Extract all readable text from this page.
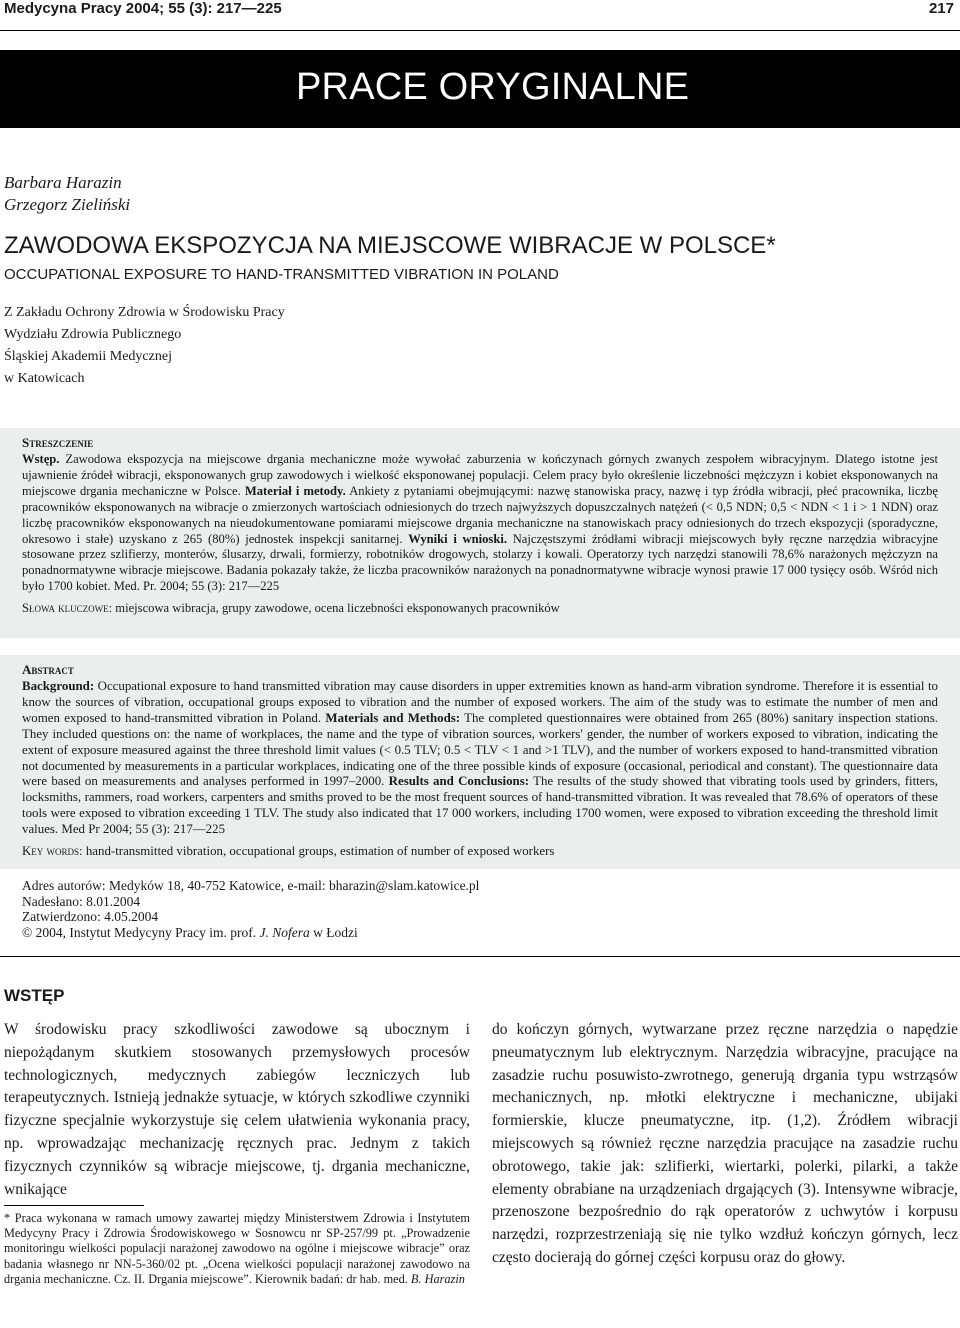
Medycyna Pracy 2004; 55 (3): 217—225	217
PRACE ORYGINALNE
Barbara Harazin
Grzegorz Zieliński
ZAWODOWA EKSPOZYCJA NA MIEJSCOWE WIBRACJE W POLSCE*
OCCUPATIONAL EXPOSURE TO HAND-TRANSMITTED VIBRATION IN POLAND
Z Zakładu Ochrony Zdrowia w Środowisku Pracy
Wydziału Zdrowia Publicznego
Śląskiej Akademii Medycznej
w Katowicach
Streszczenie

Wstęp. Zawodowa ekspozycja na miejscowe drgania mechaniczne może wywołać zaburzenia w kończynach górnych zwanych zespołem wibracyjnym. Dlatego istotne jest ujawnienie źródeł wibracji, eksponowanych grup zawodowych i wielkość eksponowanej populacji. Celem pracy było określenie liczebności mężczyzn i kobiet eksponowanych na miejscowe drgania mechaniczne w Polsce. Materiał i metody. Ankiety z pytaniami obejmującymi: nazwę stanowiska pracy, nazwę i typ źródła wibracji, płeć pracownika, liczbę pracowników eksponowanych na wibracje o zmierzonych wartościach odniesionych do trzech najwyższych dopuszczalnych natężeń (< 0,5 NDN; 0,5 < NDN < 1 i > 1 NDN) oraz liczbę pracowników eksponowanych na nieudokumentowane pomiarami miejscowe drgania mechaniczne na stanowiskach pracy odniesionych do trzech ekspozycji (sporadyczne, okresowo i stałe) uzyskano z 265 (80%) jednostek inspekcji sanitarnej. Wyniki i wnioski. Najczęstszymi źródłami wibracji miejscowych były ręczne narzędzia wibracyjne stosowane przez szlifierzy, monterów, ślusarzy, drwali, formierzy, robotników drogowych, stolarzy i kowali. Operatorzy tych narzędzi stanowili 78,6% narażonych mężczyzn na ponadnormatywne wibracje miejscowe. Badania pokazały także, że liczba pracowników narażonych na ponadnormatywne wibracje wynosi prawie 17 000 tysięcy osób. Wśród nich było 1700 kobiet. Med. Pr. 2004; 55 (3): 217—225

Słowa kluczowe: miejscowa wibracja, grupy zawodowe, ocena liczebności eksponowanych pracowników

Abstract

Background: Occupational exposure to hand transmitted vibration may cause disorders in upper extremities known as hand-arm vibration syndrome. Therefore it is essential to know the sources of vibration, occupational groups exposed to vibration and the number of exposed workers. The aim of the study was to estimate the number of men and women exposed to hand-transmitted vibration in Poland. Materials and Methods: The completed questionnaires were obtained from 265 (80%) sanitary inspection stations. They included questions on: the name of workplaces, the name and the type of vibration sources, workers' gender, the number of workers exposed to vibration, indicating the extent of exposure measured against the three threshold limit values (< 0.5 TLV; 0.5 < TLV < 1 and >1 TLV), and the number of workers exposed to hand-transmitted vibration not documented by measurements in a particular workplaces, indicating one of the three possible kinds of exposure (occasional, periodical and constant). The questionnaire data were based on measurements and analyses performed in 1997–2000. Results and Conclusions: The results of the study showed that vibrating tools used by grinders, fitters, locksmiths, rammers, road workers, carpenters and smiths proved to be the most frequent sources of hand-transmitted vibration. It was revealed that 78.6% of operators of these tools were exposed to vibration exceeding 1 TLV. The study also indicated that 17 000 workers, including 1700 women, were exposed to vibration exceeding the threshold limit values. Med Pr 2004; 55 (3): 217—225

Key words: hand-transmitted vibration, occupational groups, estimation of number of exposed workers

Adres autorów: Medyków 18, 40-752 Katowice, e-mail: bharazin@slam.katowice.pl
Nadesłano: 8.01.2004
Zatwierdzono: 4.05.2004
© 2004, Instytut Medycyny Pracy im. prof. J. Nofera w Łodzi
WSTĘP
W środowisku pracy szkodliwości zawodowe są ubocznym i niepożądanym skutkiem stosowanych przemysłowych procesów technologicznych, medycznych zabiegów leczniczych lub terapeutycznych. Istnieją jednakże sytuacje, w których szkodliwe czynniki fizyczne specjalnie wykorzystuje się celem ułatwienia wykonania pracy, np. wprowadzając mechanizację ręcznych prac. Jednym z takich fizycznych czynników są wibracje miejscowe, tj. drgania mechaniczne, wnikające
do kończyn górnych, wytwarzane przez ręczne narzędzia o napędzie pneumatycznym lub elektrycznym. Narzędzia wibracyjne, pracujące na zasadzie ruchu posuwisto-zwrotnego, generują drgania typu wstrząsów mechanicznych, np. młotki elektryczne i mechaniczne, ubijaki formierskie, klucze pneumatyczne, itp. (1,2). Źródłem wibracji miejscowych są również ręczne narzędzia pracujące na zasadzie ruchu obrotowego, takie jak: szlifierki, wiertarki, polerki, pilarki, a także elementy obrabiane na urządzeniach drgających (3). Intensywne wibracje, przenoszone bezpośrednio do rąk operatorów z uchwytów i korpusu narzędzi, rozprzestrzeniają się nie tylko wzdłuż kończyn górnych, lecz często docierają do górnej części korpusu oraz do głowy.
* Praca wykonana w ramach umowy zawartej między Ministerstwem Zdrowia i Instytutem Medycyny Pracy i Zdrowia Środowiskowego w Sosnowcu nr SP-257/99 pt. „Prowadzenie monitoringu wielkości populacji narażonej zawodowo na ogólne i miejscowe wibracje” oraz badania własnego nr NN-5-360/02 pt. „Ocena wielkości populacji narażonej zawodowo na drgania mechaniczne. Cz. II. Drgania miejscowe”. Kierownik badań: dr hab. med. B. Harazin
